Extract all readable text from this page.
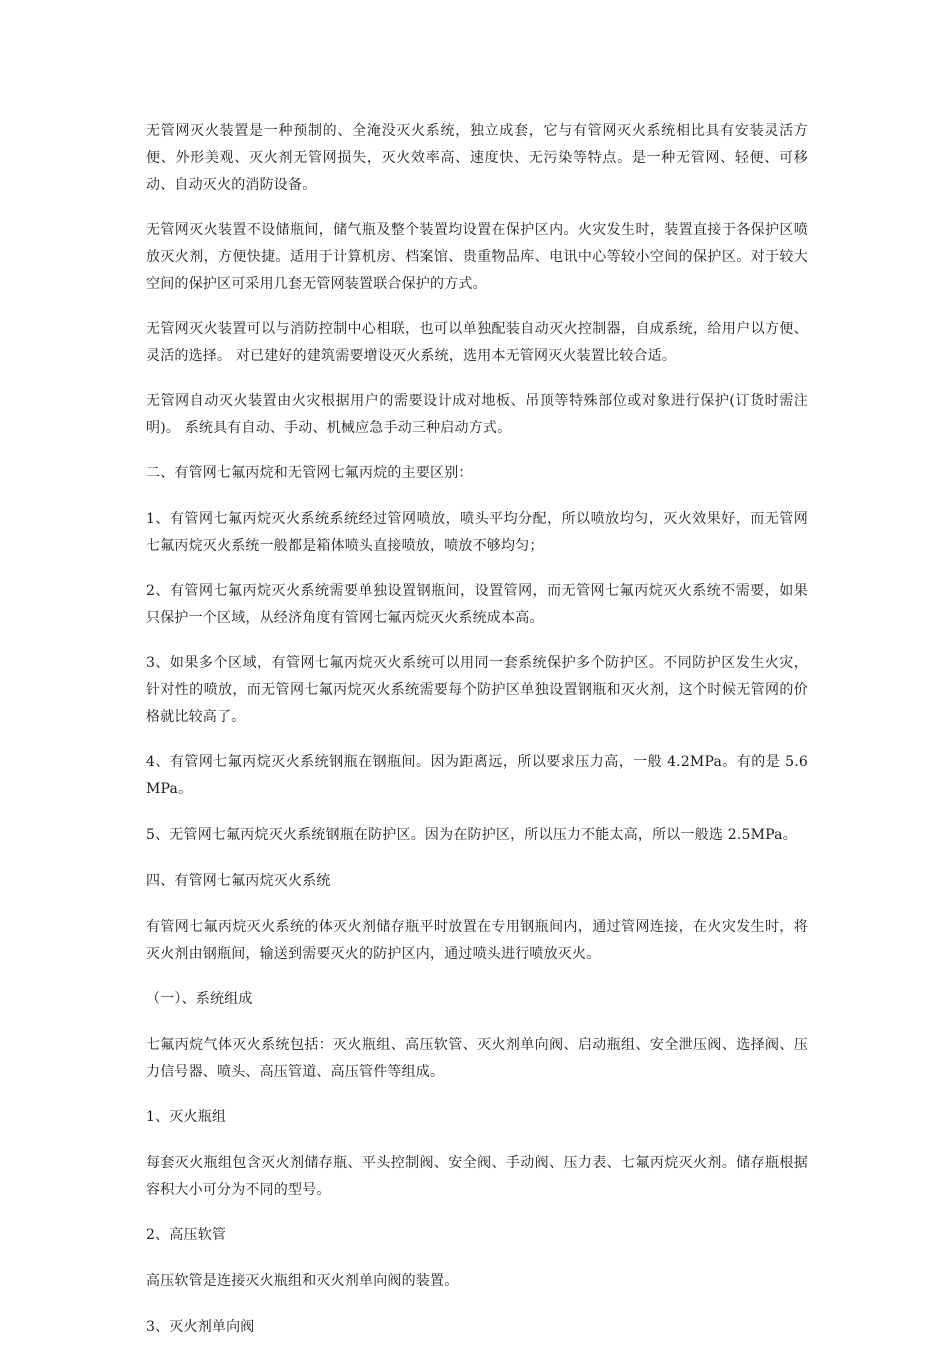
无管网灭火装置是一种预制的、全淹没灭火系统，独立成套，它与有管网灭火系统相比具有安装灵活方便、外形美观、灭火剂无管网损失，灭火效率高、速度快、无污染等特点。是一种无管网、轻便、可移动、自动灭火的消防设备。

无管网灭火装置不设储瓶间，储气瓶及整个装置均设置在保护区内。火灾发生时，装置直接于各保护区喷放灭火剂，方便快捷。适用于计算机房、档案馆、贵重物品库、电讯中心等较小空间的保护区。对于较大空间的保护区可采用几套无管网装置联合保护的方式。

无管网灭火装置可以与消防控制中心相联，也可以单独配装自动灭火控制器，自成系统，给用户以方便、灵活的选择。 对已建好的建筑需要增设灭火系统，选用本无管网灭火装置比较合适。

无管网自动灭火装置由火灾根据用户的需要设计成对地板、吊顶等特殊部位或对象进行保护(订货时需注明)。 系统具有自动、手动、机械应急手动三种启动方式。

二、有管网七氟丙烷和无管网七氟丙烷的主要区别：

1、有管网七氟丙烷灭火系统系统经过管网喷放，喷头平均分配，所以喷放均匀，灭火效果好，而无管网七氟丙烷灭火系统一般都是箱体喷头直接喷放，喷放不够均匀；

2、有管网七氟丙烷灭火系统需要单独设置钢瓶间，设置管网，而无管网七氟丙烷灭火系统不需要，如果只保护一个区域，从经济角度有管网七氟丙烷灭火系统成本高。

3、如果多个区域，有管网七氟丙烷灭火系统可以用同一套系统保护多个防护区。不同防护区发生火灾，针对性的喷放，而无管网七氟丙烷灭火系统需要每个防护区单独设置钢瓶和灭火剂，这个时候无管网的价格就比较高了。

4、有管网七氟丙烷灭火系统钢瓶在钢瓶间。因为距离远，所以要求压力高，一般 4.2MPa。有的是 5.6MPa。

5、无管网七氟丙烷灭火系统钢瓶在防护区。因为在防护区，所以压力不能太高，所以一般选 2.5MPa。

四、有管网七氟丙烷灭火系统

有管网七氟丙烷灭火系统的体灭火剂储存瓶平时放置在专用钢瓶间内，通过管网连接，在火灾发生时，将灭火剂由钢瓶间，输送到需要灭火的防护区内，通过喷头进行喷放灭火。

（一）、系统组成

七氟丙烷气体灭火系统包括：灭火瓶组、高压软管、灭火剂单向阀、启动瓶组、安全泄压阀、选择阀、压力信号器、喷头、高压管道、高压管件等组成。

1、灭火瓶组

每套灭火瓶组包含灭火剂储存瓶、平头控制阀、安全阀、手动阀、压力表、七氟丙烷灭火剂。储存瓶根据容积大小可分为不同的型号。

2、高压软管

高压软管是连接灭火瓶组和灭火剂单向阀的装置。

3、灭火剂单向阀
